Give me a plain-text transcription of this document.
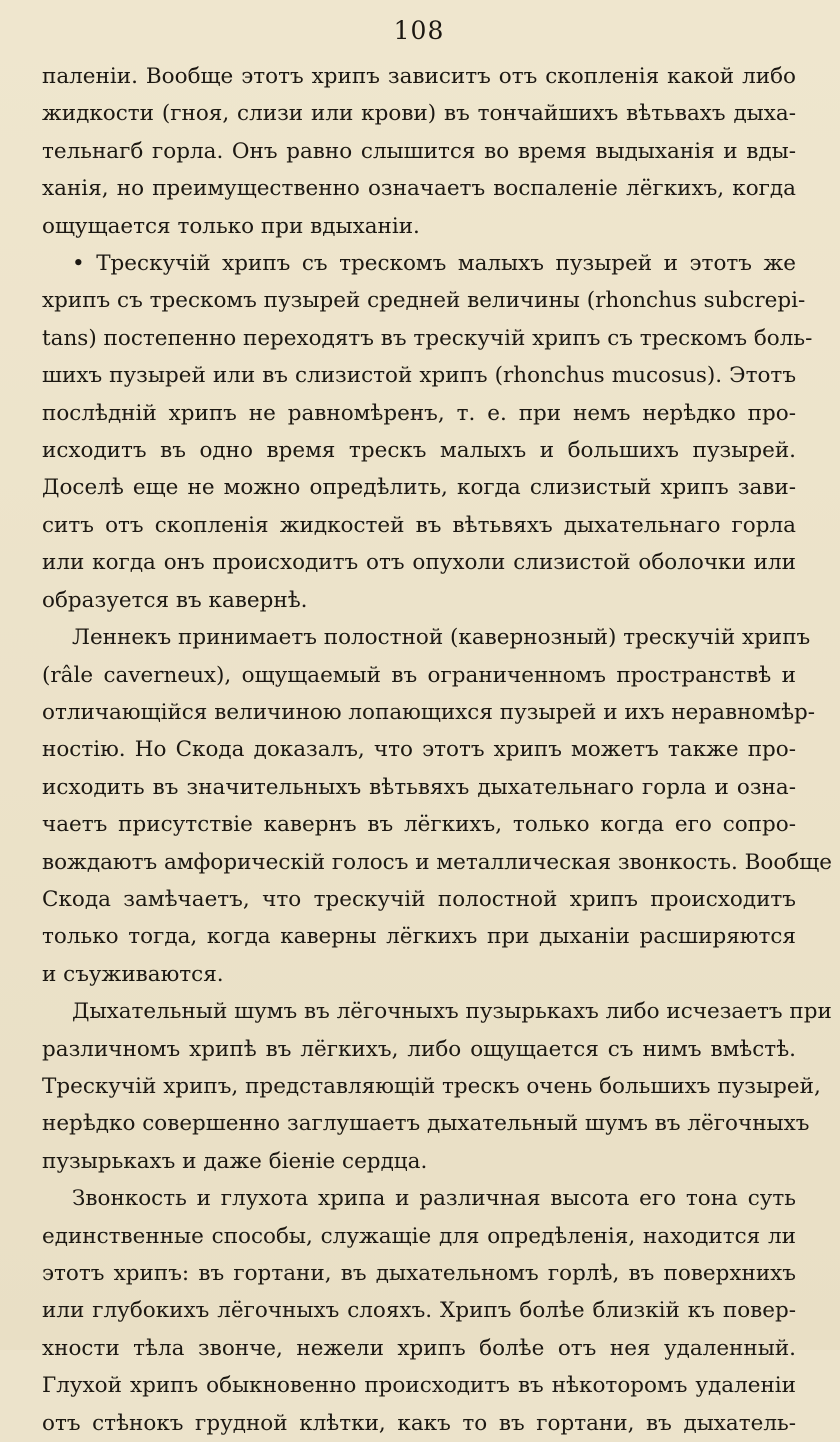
108
паленіи. Вообще этотъ хрипъ зависитъ отъ скопленія какой либо
жидкости (гноя, слизи или крови) въ тончайшихъ вѣтьвахъ дыха-
тельнагб горла. Онъ равно слышится во время выдыханія и вды-
ханія, но преимущественно означаетъ воспаленіе лёгкихъ, когда
ощущается только при вдыханіи.
• Трескучій хрипъ съ трескомъ малыхъ пузырей и этотъ же
хрипъ съ трескомъ пузырей средней величины (rhonchus subcrepi-
tans) постепенно переходятъ въ трескучій хрипъ съ трескомъ боль-
шихъ пузырей или въ слизистой хрипъ (rhonchus mucosus). Этотъ
послѣдній хрипъ не равномѣренъ, т. е. при немъ нерѣдко про-
исходитъ въ одно время трескъ малыхъ и большихъ пузырей.
Доселѣ еще не можно опредѣлить, когда слизистый хрипъ зави-
ситъ отъ скопленія жидкостей въ вѣтьвяхъ дыхательнаго горла
или когда онъ происходитъ отъ опухоли слизистой оболочки или
образуется въ кавернѣ.
Леннекъ принимаетъ полостной (кавернозный) трескучій хрипъ
(râle caverneux), ощущаемый въ ограниченномъ пространствѣ и
отличающійся величиною лопающихся пузырей и ихъ неравномѣр-
ностію. Но Скода доказалъ, что этотъ хрипъ можетъ также про-
исходить въ значительныхъ вѣтьвяхъ дыхательнаго горла и озна-
чаетъ присутствіе кавернъ въ лёгкихъ, только когда его сопро-
вождаютъ амфорическій голосъ и металлическая звонкость. Вообще
Скода замѣчаетъ, что трескучій полостной хрипъ происходитъ
только тогда, когда каверны лёгкихъ при дыханіи расширяются
и съуживаются.
Дыхательный шумъ въ лёгочныхъ пузырькахъ либо исчезаетъ при
различномъ хрипѣ въ лёгкихъ, либо ощущается съ нимъ вмѣстѣ.
Трескучій хрипъ, представляющій трескъ очень большихъ пузырей,
нерѣдко совершенно заглушаетъ дыхательный шумъ въ лёгочныхъ
пузырькахъ и даже біеніе сердца.
Звонкость и глухота хрипа и различная высота его тона суть
единственные способы, служащіе для опредѣленія, находится ли
этотъ хрипъ: въ гортани, въ дыхательномъ горлѣ, въ поверхнихъ
или глубокихъ лёгочныхъ слояхъ. Хрипъ болѣе близкій къ повер-
хности тѣла звонче, нежели хрипъ болѣе отъ нея удаленный.
Глухой хрипъ обыкновенно происходитъ въ нѣкоторомъ удаленіи
отъ стѣнокъ грудной клѣтки, какъ то въ гортани, въ дыхатель-
